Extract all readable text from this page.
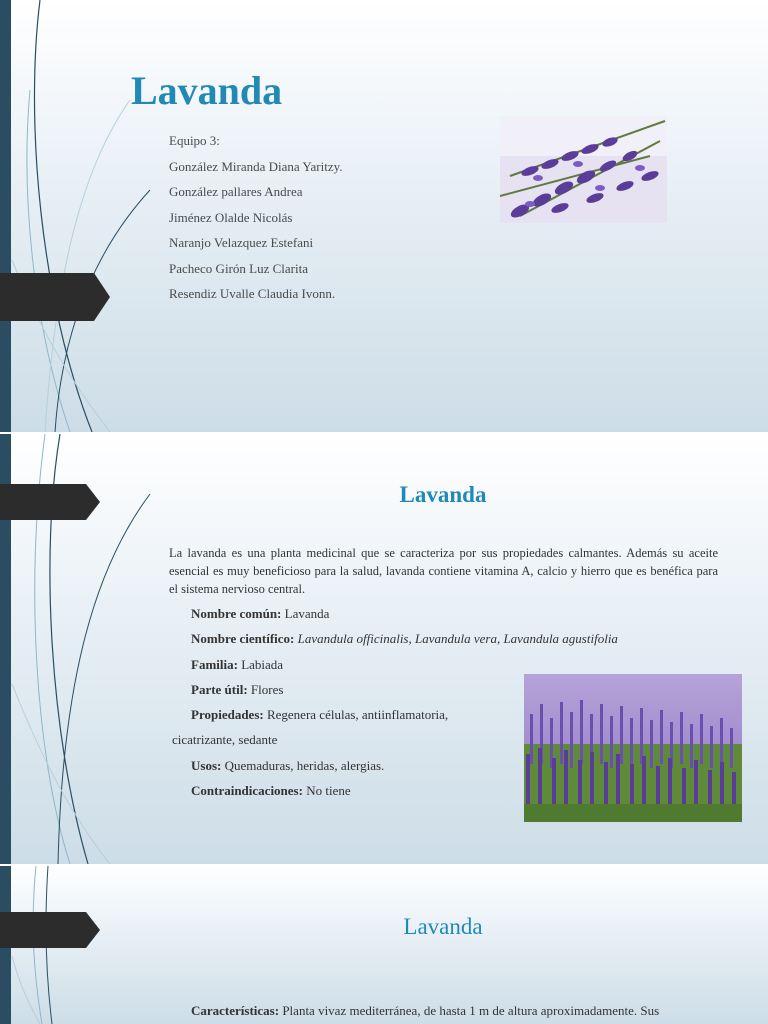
Lavanda
Equipo 3:
González Miranda Diana Yaritzy.
González pallares Andrea
Jiménez Olalde Nicolás
Naranjo Velazquez Estefani
Pacheco Girón Luz Clarita
Resendiz Uvalle Claudia Ivonn.
Lavanda

La lavanda es una planta medicinal que se caracteriza por sus propiedades calmantes. Además su aceite esencial es muy beneficioso para la salud, lavanda contiene vitamina A, calcio y hierro que es benéfica para el sistema nervioso central.

Nombre común: Lavanda
Nombre científico: Lavandula officinalis, Lavandula vera, Lavandula agustifolia
Familia: Labiada
Parte útil: Flores
Propiedades: Regenera células, antiinflamatoria,
cicatrizante, sedante
Usos: Quemaduras, heridas, alergias.
Contraindicaciones: No tiene
Lavanda

Características: Planta vivaz mediterránea, de hasta 1 m de altura aproximadamente. Sus
